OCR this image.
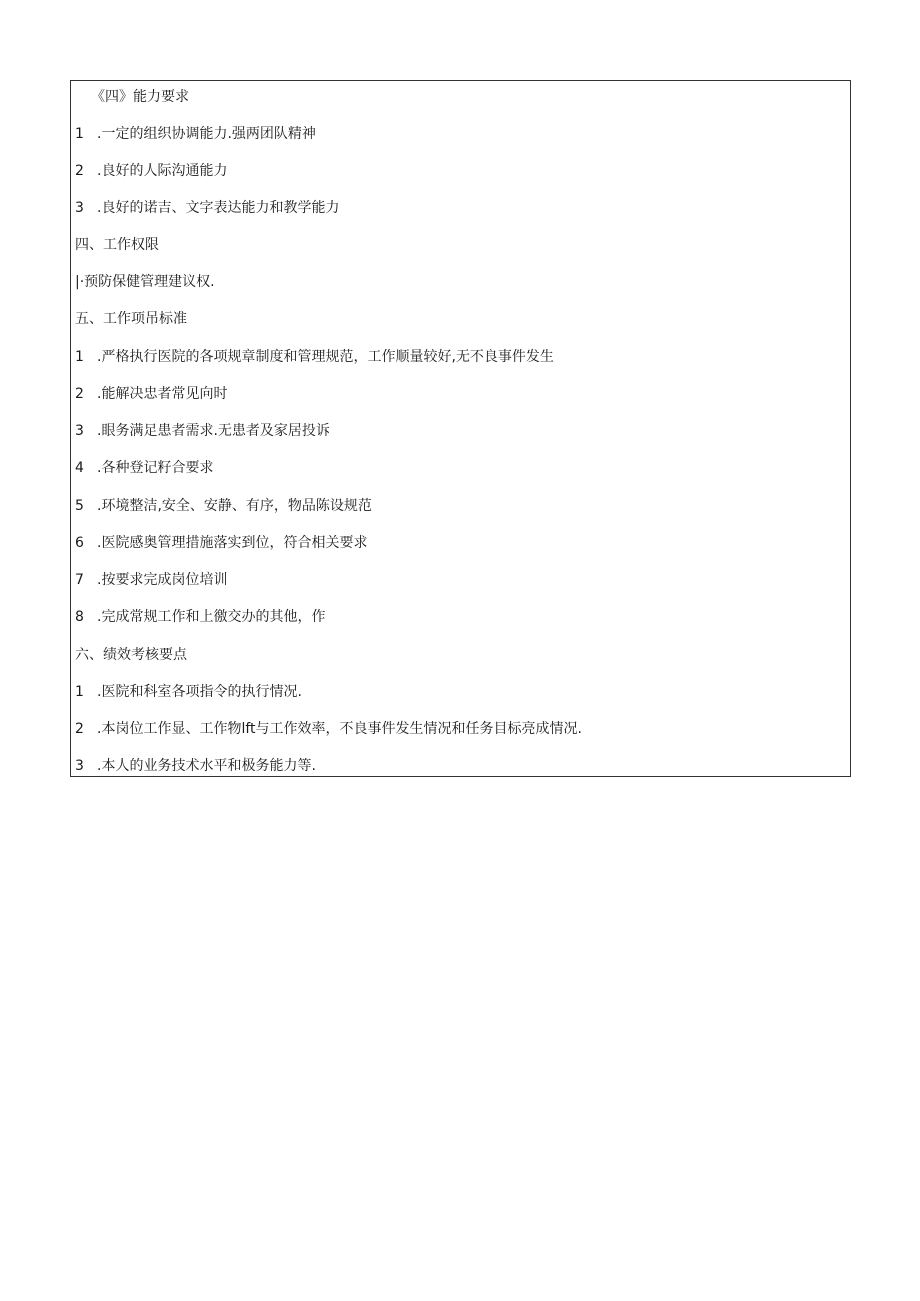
《四》能力要求
1 .一定的组织协调能力.强两团队精神
2 .良好的人际沟通能力
3 .良好的诺吉、文字表达能力和教学能力
四、工作权限
|·预防保健管理建议权.
五、工作项吊标准
1 .严格执行医院的各项规章制度和管理规范，工作顺量较好,无不良事件发生
2 .能解决忠者常见向时
3 .眼务满足患者需求.无患者及家居投诉
4 .各种登记籽合要求
5 .环境整洁,安全、安静、有序，物品陈设规范
6 .医院感奥管理措施落实到位，符合相关要求
7 .按要求完成岗位培训
8 .完成常规工作和上徼交办的其他，作
六、绩效考核要点
1 .医院和科室各项指令的执行情况.
2 .本岗位工作显、工作物lft与工作效率，不良事件发生情况和任务目标亮成情况.
3 .本人的业务技术水平和极务能力等.
